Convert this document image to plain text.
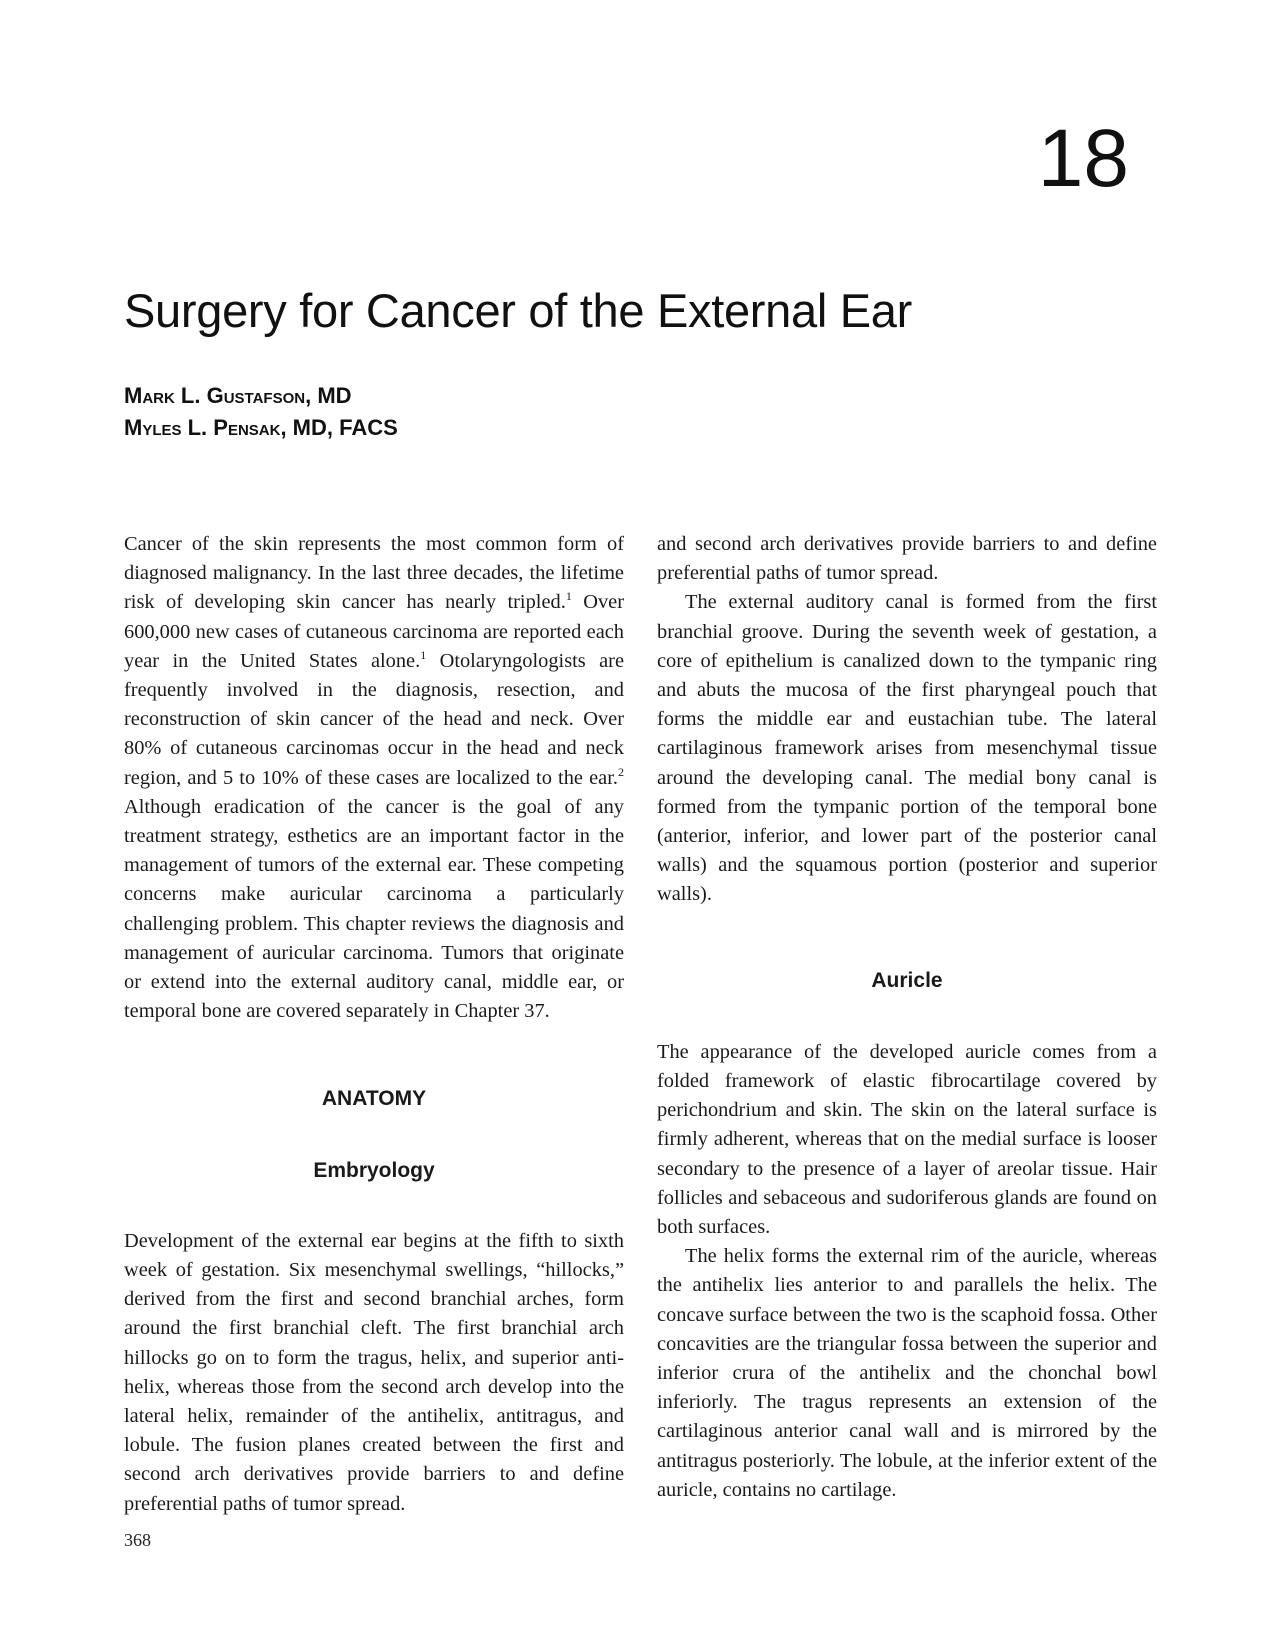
18
Surgery for Cancer of the External Ear
Mark L. Gustafson, MD
Myles L. Pensak, MD, FACS

Cancer of the skin represents the most common form of diagnosed malignancy. In the last three decades, the lifetime risk of developing skin cancer has nearly tripled.$^1$ Over 600,000 new cases of cutaneous carcinoma are reported each year in the United States alone.$^1$ Otolaryngologists are frequently involved in the diagnosis, resection, and reconstruction of skin cancer of the head and neck. Over 80% of cutaneous carcinomas occur in the head and neck region, and 5 to 10% of these cases are localized to the ear.$^2$ Although eradication of the cancer is the goal of any treatment strategy, esthetics are an important factor in the management of tumors of the external ear. These competing concerns make auricular carcinoma a particularly challenging problem. This chapter reviews the diagnosis and management of auricular carcinoma. Tumors that originate or extend into the external auditory canal, middle ear, or temporal bone are covered separately in Chapter 37.

ANATOMY
Embryology

Development of the external ear begins at the fifth to sixth week of gestation. Six mesenchymal swellings, “hillocks,” derived from the first and second branchial arches, form around the first branchial cleft. The first branchial arch hillocks go on to form the tragus, helix, and superior antihelix, whereas those from the second arch develop into the lateral helix, remainder of the antihelix, antitragus, and lobule. The fusion planes created between the first and second arch derivatives provide barriers to and define preferential paths of tumor spread.

and second arch derivatives provide barriers to and define preferential paths of tumor spread.

The external auditory canal is formed from the first branchial groove. During the seventh week of gestation, a core of epithelium is canalized down to the tympanic ring and abuts the mucosa of the first pharyngeal pouch that forms the middle ear and eustachian tube. The lateral cartilaginous framework arises from mesenchymal tissue around the developing canal. The medial bony canal is formed from the tympanic portion of the temporal bone (anterior, inferior, and lower part of the posterior canal walls) and the squamous portion (posterior and superior walls).

Auricle

The appearance of the developed auricle comes from a folded framework of elastic fibrocartilage covered by perichondrium and skin. The skin on the lateral surface is firmly adherent, whereas that on the medial surface is looser secondary to the presence of a layer of areolar tissue. Hair follicles and sebaceous and sudoriferous glands are found on both surfaces.

The helix forms the external rim of the auricle, whereas the antihelix lies anterior to and parallels the helix. The concave surface between the two is the scaphoid fossa. Other concavities are the triangular fossa between the superior and inferior crura of the antihelix and the chonchal bowl inferiorly. The tragus represents an extension of the cartilaginous anterior canal wall and is mirrored by the antitragus posteriorly. The lobule, at the inferior extent of the auricle, contains no cartilage.

368
